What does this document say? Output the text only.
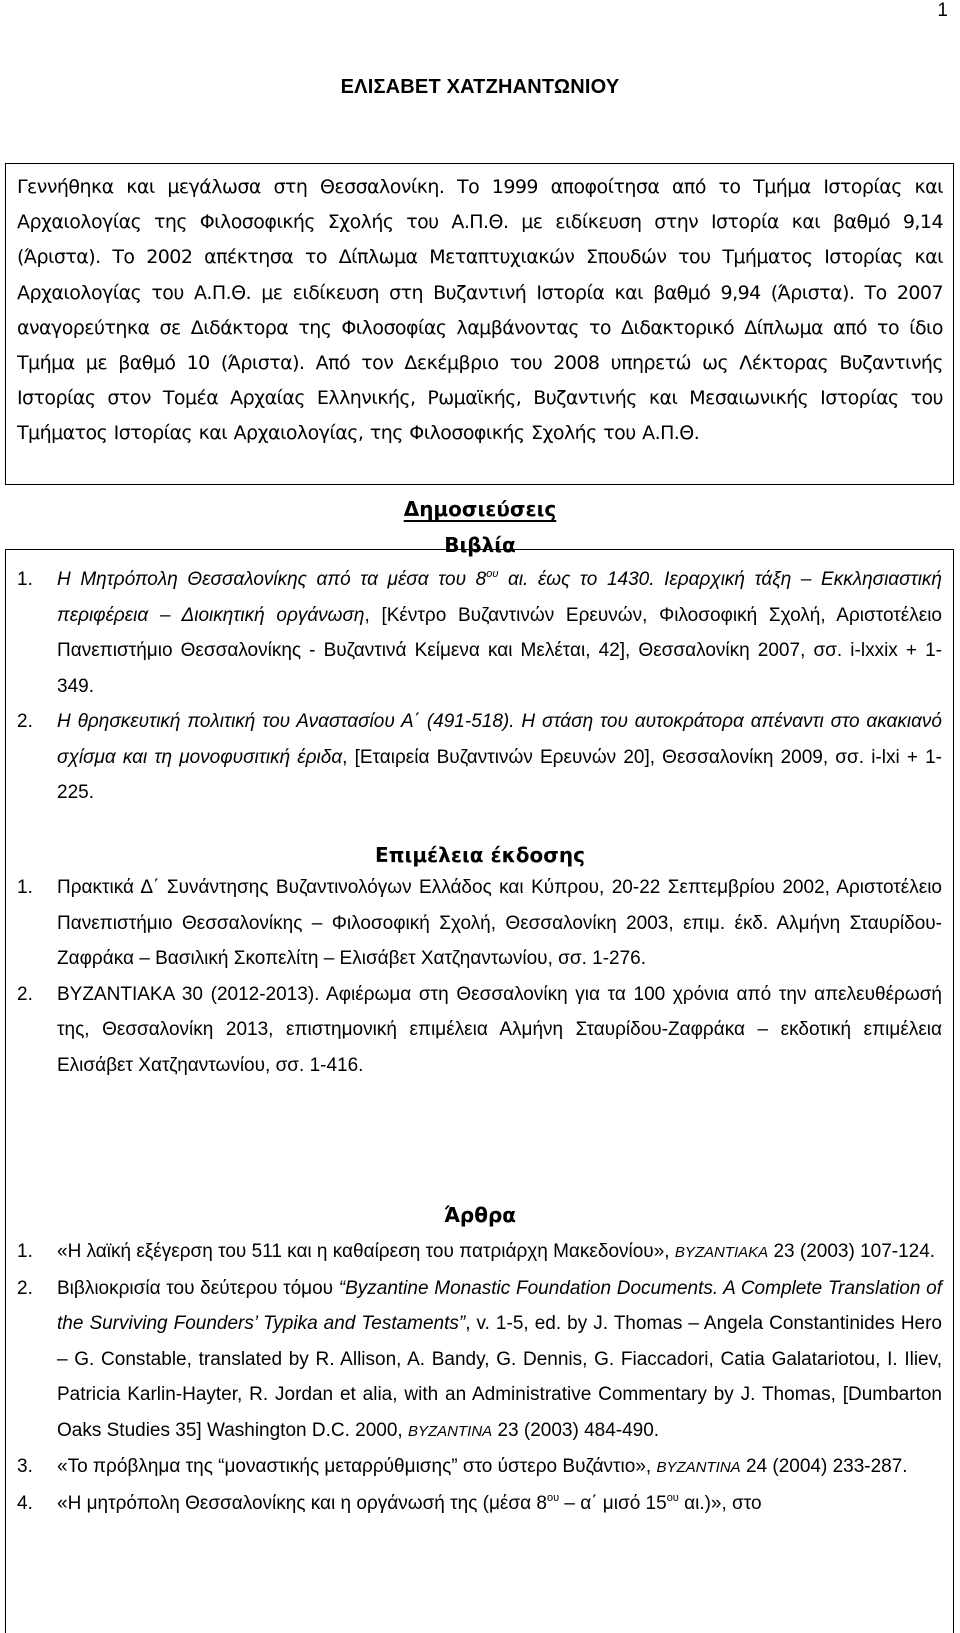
1
ΕΛΙΣΑΒΕΤ ΧΑΤΖΗΑΝΤΩΝΙΟΥ
Γεννήθηκα και μεγάλωσα στη Θεσσαλονίκη. Το 1999 αποφοίτησα από το Τμήμα Ιστορίας και Αρχαιολογίας της Φιλοσοφικής Σχολής του Α.Π.Θ. με ειδίκευση στην Ιστορία και βαθμό 9,14 (Άριστα). Το 2002 απέκτησα το Δίπλωμα Μεταπτυχιακών Σπουδών του Τμήματος Ιστορίας και Αρχαιολογίας του Α.Π.Θ. με ειδίκευση στη Βυζαντινή Ιστορία και βαθμό 9,94 (Άριστα). Το 2007 αναγορεύτηκα σε Διδάκτορα της Φιλοσοφίας λαμβάνοντας το Διδακτορικό Δίπλωμα από το ίδιο Τμήμα με βαθμό 10 (Άριστα). Από τον Δεκέμβριο του 2008 υπηρετώ ως Λέκτορας Βυζαντινής Ιστορίας στον Τομέα Αρχαίας Ελληνικής, Ρωμαϊκής, Βυζαντινής και Μεσαιωνικής Ιστορίας του Τμήματος Ιστορίας και Αρχαιολογίας, της Φιλοσοφικής Σχολής του Α.Π.Θ.
Δημοσιεύσεις
Βιβλία
1. Η Μητρόπολη Θεσσαλονίκης από τα μέσα του $8^{o\upsilon}$ αι. έως το 1430. Ιεραρχική τάξη – Εκκλησιαστική περιφέρεια – Διοικητική οργάνωση, [Κέντρο Βυζαντινών Ερευνών, Φιλοσοφική Σχολή, Αριστοτέλειο Πανεπιστήμιο Θεσσαλονίκης - Βυζαντινά Κείμενα και Μελέται, 42], Θεσσαλονίκη 2007, σσ. i-lxxix + 1-349.
2. Η θρησκευτική πολιτική του Αναστασίου Α΄ (491-518). Η στάση του αυτοκράτορα απέναντι στο ακακιανό σχίσμα και τη μονοφυσιτική έριδα, [Εταιρεία Βυζαντινών Ερευνών 20], Θεσσαλονίκη 2009, σσ. i-lxi + 1-225.
Επιμέλεια έκδοσης
1. Πρακτικά Δ΄ Συνάντησης Βυζαντινολόγων Ελλάδος και Κύπρου, 20-22 Σεπτεμβρίου 2002, Αριστοτέλειο Πανεπιστήμιο Θεσσαλονίκης – Φιλοσοφική Σχολή, Θεσσαλονίκη 2003, επιμ. έκδ. Αλμήνη Σταυρίδου-Ζαφράκα – Βασιλική Σκοπελίτη – Ελισάβετ Χατζηαντωνίου, σσ. 1-276.
2. ΒΥΖΑΝΤΙΑΚΑ 30 (2012-2013). Αφιέρωμα στη Θεσσαλονίκη για τα 100 χρόνια από την απελευθέρωσή της, Θεσσαλονίκη 2013, επιστημονική επιμέλεια Αλμήνη Σταυρίδου-Ζαφράκα – εκδοτική επιμέλεια Ελισάβετ Χατζηαντωνίου, σσ. 1-416.
Άρθρα
1. «Η λαϊκή εξέγερση του 511 και η καθαίρεση του πατριάρχη Μακεδονίου», ΒΥΖΑΝΤΙΑΚΑ 23 (2003) 107-124.
2. Βιβλιοκρισία του δεύτερου τόμου “Byzantine Monastic Foundation Documents. A Complete Translation of the Surviving Founders’ Typika and Testaments”, v. 1-5, ed. by J. Thomas – Angela Constantinides Hero – G. Constable, translated by R. Allison, A. Bandy, G. Dennis, G. Fiaccadori, Catia Galatariotou, I. Iliev, Patricia Karlin-Hayter, R. Jordan et alia, with an Administrative Commentary by J. Thomas, [Dumbarton Oaks Studies 35] Washington D.C. 2000, ΒΥΖΑΝΤΙΝΑ 23 (2003) 484-490.
3. «Το πρόβλημα της “μοναστικής μεταρρύθμισης” στο ύστερο Βυζάντιο», ΒΥΖΑΝΤΙΝΑ 24 (2004) 233-287.
4. «Η μητρόπολη Θεσσαλονίκης και η οργάνωσή της (μέσα $8^{o\upsilon} - \alpha΄$ μισό $15^{o\upsilon}$ αι.)», στο
